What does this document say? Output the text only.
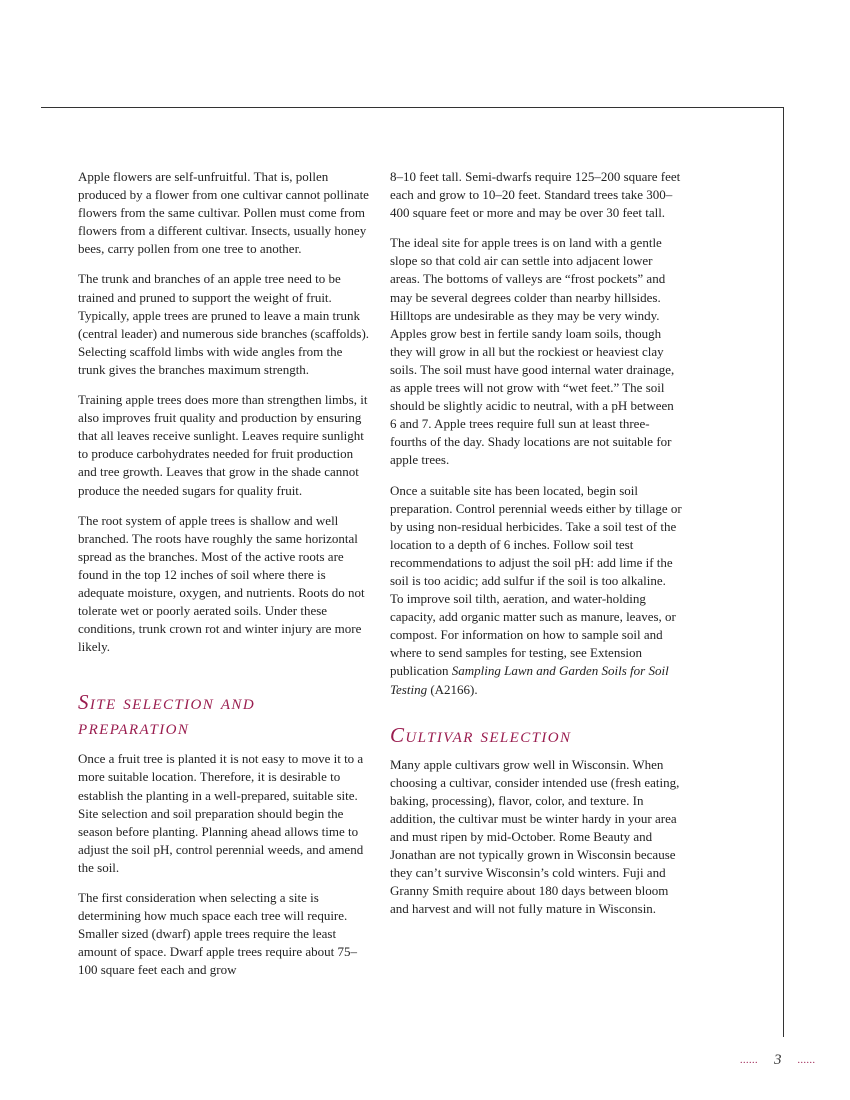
Apple flowers are self-unfruitful. That is, pollen produced by a flower from one cultivar cannot pollinate flowers from the same cultivar. Pollen must come from flowers from a different cultivar. Insects, usually honey bees, carry pollen from one tree to another.

The trunk and branches of an apple tree need to be trained and pruned to support the weight of fruit. Typically, apple trees are pruned to leave a main trunk (central leader) and numerous side branches (scaffolds). Selecting scaffold limbs with wide angles from the trunk gives the branches maximum strength.

Training apple trees does more than strengthen limbs, it also improves fruit quality and production by ensuring that all leaves receive sunlight. Leaves require sunlight to produce carbohydrates needed for fruit production and tree growth. Leaves that grow in the shade cannot produce the needed sugars for quality fruit.

The root system of apple trees is shallow and well branched. The roots have roughly the same horizontal spread as the branches. Most of the active roots are found in the top 12 inches of soil where there is adequate moisture, oxygen, and nutrients. Roots do not tolerate wet or poorly aerated soils. Under these conditions, trunk crown rot and winter injury are more likely.

Site selection and preparation

Once a fruit tree is planted it is not easy to move it to a more suitable location. Therefore, it is desirable to establish the planting in a well-prepared, suitable site. Site selection and soil preparation should begin the season before planting. Planning ahead allows time to adjust the soil pH, control perennial weeds, and amend the soil.

The first consideration when selecting a site is determining how much space each tree will require. Smaller sized (dwarf) apple trees require the least amount of space. Dwarf apple trees require about 75–100 square feet each and grow

8–10 feet tall. Semi-dwarfs require 125–200 square feet each and grow to 10–20 feet. Standard trees take 300–400 square feet or more and may be over 30 feet tall.

The ideal site for apple trees is on land with a gentle slope so that cold air can settle into adjacent lower areas. The bottoms of valleys are “frost pockets” and may be several degrees colder than nearby hillsides. Hilltops are undesirable as they may be very windy. Apples grow best in fertile sandy loam soils, though they will grow in all but the rockiest or heaviest clay soils. The soil must have good internal water drainage, as apple trees will not grow with “wet feet.” The soil should be slightly acidic to neutral, with a pH between 6 and 7. Apple trees require full sun at least three-fourths of the day. Shady locations are not suitable for apple trees.

Once a suitable site has been located, begin soil preparation. Control perennial weeds either by tillage or by using non-residual herbicides. Take a soil test of the location to a depth of 6 inches. Follow soil test recommendations to adjust the soil pH: add lime if the soil is too acidic; add sulfur if the soil is too alkaline. To improve soil tilth, aeration, and water-holding capacity, add organic matter such as manure, leaves, or compost. For information on how to sample soil and where to send samples for testing, see Extension publication Sampling Lawn and Garden Soils for Soil Testing (A2166).

Cultivar selection

Many apple cultivars grow well in Wisconsin. When choosing a cultivar, consider intended use (fresh eating, baking, processing), flavor, color, and texture. In addition, the cultivar must be winter hardy in your area and must ripen by mid-October. Rome Beauty and Jonathan are not typically grown in Wisconsin because they can’t survive Wisconsin’s cold winters. Fuji and Granny Smith require about 180 days between bloom and harvest and will not fully mature in Wisconsin.

...... 3 ......
